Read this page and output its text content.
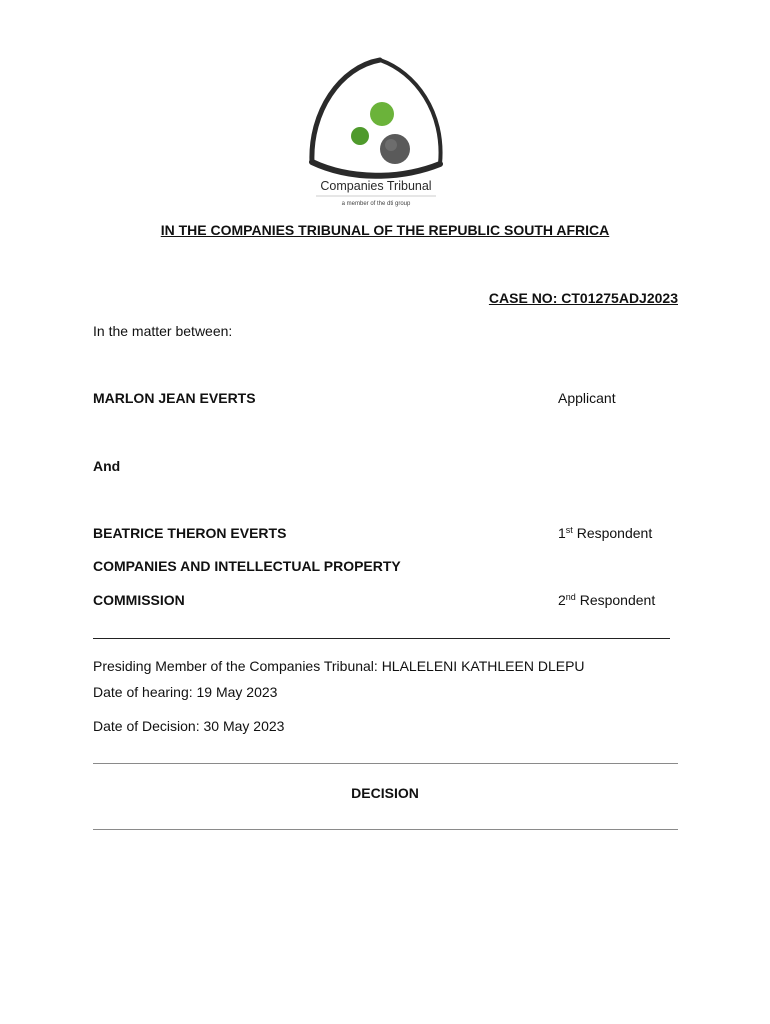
Companies Tribunal
a member of the dti group
IN THE COMPANIES TRIBUNAL OF THE REPUBLIC SOUTH AFRICA
CASE NO: CT01275ADJ2023
In the matter between:
MARLON JEAN EVERTS	Applicant
And
BEATRICE THERON EVERTS	1st Respondent
COMPANIES AND INTELLECTUAL PROPERTY
COMMISSION	2nd Respondent
Presiding Member of the Companies Tribunal: HLALELENI KATHLEEN DLEPU
Date of hearing: 19 May 2023
Date of Decision: 30 May 2023
DECISION
